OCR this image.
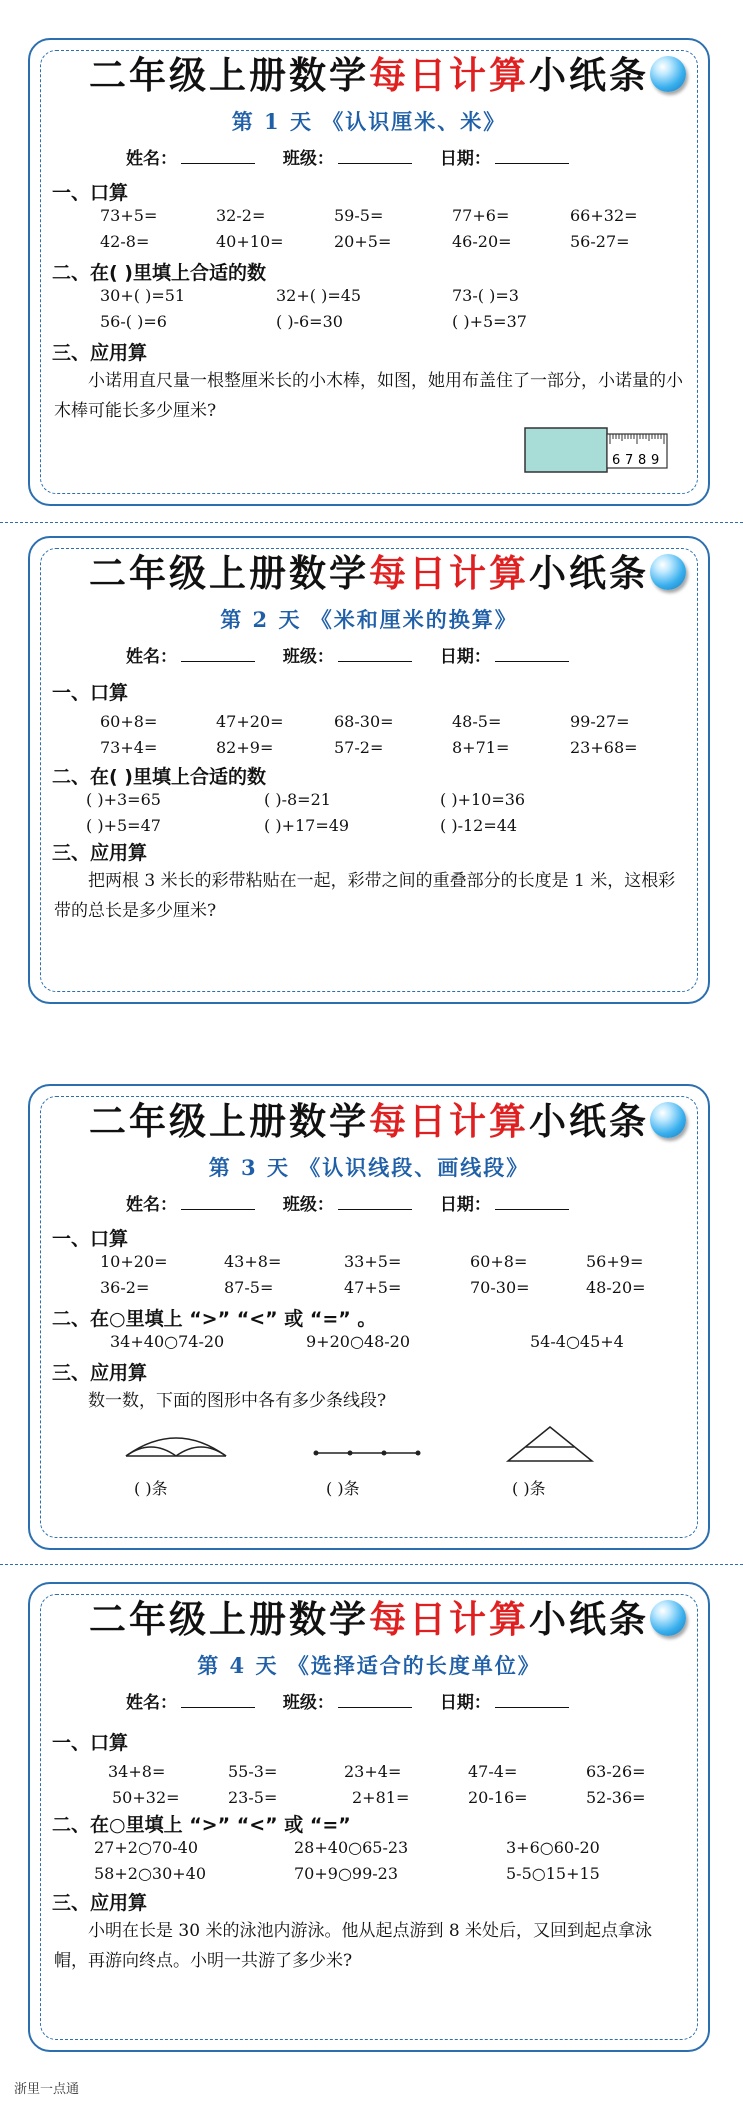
二年级上册数学每日计算小纸条
第 1 天 《认识厘米、米》
姓名：	班级：	日期：
一、口算
73+5=	32-2=	59-5=	77+6=	66+32=
42-8=	40+10=	20+5=	46-20=	56-27=
二、在( )里填上合适的数
30+( )=51	32+( )=45	73-( )=3
56-( )=6	( )-6=30	( )+5=37
三、应用算
小诺用直尺量一根整厘米长的小木棒，如图，她用布盖住了一部分，小诺量的小木棒可能长多少厘米?
6 7 8 9
二年级上册数学每日计算小纸条
第 2 天 《米和厘米的换算》
姓名：	班级：	日期：
一、口算
60+8=	47+20=	68-30=	48-5=	99-27=
73+4=	82+9=	57-2=	8+71=	23+68=
二、在( )里填上合适的数
( )+3=65	( )-8=21	( )+10=36
( )+5=47	( )+17=49	( )-12=44
三、应用算
把两根 3 米长的彩带粘贴在一起，彩带之间的重叠部分的长度是 1 米，这根彩带的总长是多少厘米?
二年级上册数学每日计算小纸条
第 3 天 《认识线段、画线段》
姓名：	班级：	日期：
一、口算
10+20=	43+8=	33+5=	60+8=	56+9=
36-2=	87-5=	47+5=	70-30=	48-20=
二、在○里填上 “>” “<” 或 “=” 。
34+40○74-20	9+20○48-20	54-4○45+4
三、应用算
数一数，下面的图形中各有多少条线段?
( )条	( )条	( )条
二年级上册数学每日计算小纸条
第 4 天 《选择适合的长度单位》
姓名：	班级：	日期：
一、口算
34+8=	55-3=	23+4=	47-4=	63-26=
50+32=	23-5=	2+81=	20-16=	52-36=
二、在○里填上 “>” “<” 或 “=”
27+2○70-40	28+40○65-23	3+6○60-20
58+2○30+40	70+9○99-23	5-5○15+15
三、应用算
小明在长是 30 米的泳池内游泳。他从起点游到 8 米处后，又回到起点拿泳帽，再游向终点。小明一共游了多少米?
浙里一点通
